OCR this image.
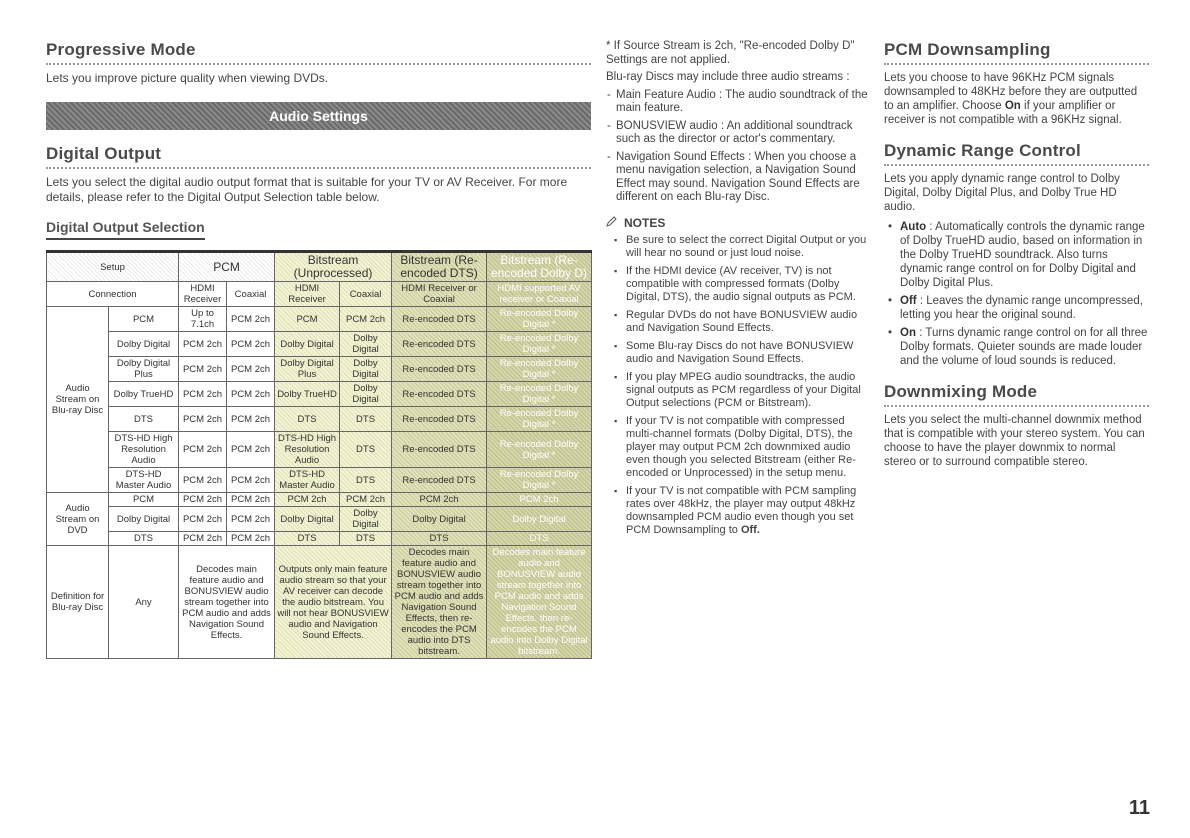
Progressive Mode

Lets you improve picture quality when viewing DVDs.

Audio Settings
Digital Output

Lets you select the digital audio output format that is suitable for your TV or AV Receiver. For more details, please refer to the Digital Output Selection table below.

Digital Output Selection
Setup		PCM		Bitstream (Unprocessed)		Bitstream (Re-encoded DTS)	Bitstream (Re-encoded Dolby D)
Connection		HDMI Receiver	Coaxial	HDMI Receiver	Coaxial	HDMI Receiver or Coaxial	HDMI supported AV receiver or Coaxial
Audio Stream on Blu-ray Disc	PCM	Up to 7.1ch	PCM 2ch	PCM	PCM 2ch	Re-encoded DTS	Re-encoded Dolby Digital *
	Dolby Digital	PCM 2ch	PCM 2ch	Dolby Digital	Dolby Digital	Re-encoded DTS	Re-encoded Dolby Digital *
	Dolby Digital Plus	PCM 2ch	PCM 2ch	Dolby Digital Plus	Dolby Digital	Re-encoded DTS	Re-encoded Dolby Digital *
	Dolby TrueHD	PCM 2ch	PCM 2ch	Dolby TrueHD	Dolby Digital	Re-encoded DTS	Re-encoded Dolby Digital *
	DTS	PCM 2ch	PCM 2ch	DTS	DTS	Re-encoded DTS	Re-encoded Dolby Digital *
	DTS-HD High Resolution Audio	PCM 2ch	PCM 2ch	DTS-HD High Resolution Audio	DTS	Re-encoded DTS	Re-encoded Dolby Digital *
	DTS-HD Master Audio	PCM 2ch	PCM 2ch	DTS-HD Master Audio	DTS	Re-encoded DTS	Re-encoded Dolby Digital *
Audio Stream on DVD	PCM	PCM 2ch	PCM 2ch	PCM 2ch	PCM 2ch	PCM 2ch	PCM 2ch
	Dolby Digital	PCM 2ch	PCM 2ch	Dolby Digital	Dolby Digital	Dolby Digital	Dolby Digital
	DTS	PCM 2ch	PCM 2ch	DTS	DTS	DTS	DTS
Definition for Blu-ray Disc	Any	Decodes main feature audio and BONUSVIEW audio stream together into PCM audio and adds Navigation Sound Effects.		Outputs only main feature audio stream so that your AV receiver can decode the audio bitstream. You will not hear BONUSVIEW audio and Navigation Sound Effects.		Decodes main feature audio and BONUSVIEW audio stream together into PCM audio and adds Navigation Sound Effects, then re-encodes the PCM audio into DTS bitstream.	Decodes main feature audio and BONUSVIEW audio stream together into PCM audio and adds Navigation Sound Effects, then re-encodes the PCM audio into Dolby Digital bitstream.

* If Source Stream is 2ch, "Re-encoded Dolby D" Settings are not applied.

Blu-ray Discs may include three audio streams :

- Main Feature Audio : The audio soundtrack of the main feature.
- BONUSVIEW audio : An additional soundtrack such as the director or actor's commentary.
- Navigation Sound Effects : When you choose a menu navigation selection, a Navigation Sound Effect may sound. Navigation Sound Effects are different on each Blu-ray Disc.
NOTES
▪ Be sure to select the correct Digital Output or you will hear no sound or just loud noise.
▪ If the HDMI device (AV receiver, TV) is not compatible with compressed formats (Dolby Digital, DTS), the audio signal outputs as PCM.
▪ Regular DVDs do not have BONUSVIEW audio and Navigation Sound Effects.
▪ Some Blu-ray Discs do not have BONUSVIEW audio and Navigation Sound Effects.
▪ If you play MPEG audio soundtracks, the audio signal outputs as PCM regardless of your Digital Output selections (PCM or Bitstream).
▪ If your TV is not compatible with compressed multi-channel formats (Dolby Digital, DTS), the player may output PCM 2ch downmixed audio even though you selected Bitstream (either Re-encoded or Unprocessed) in the setup menu.
▪ If your TV is not compatible with PCM sampling rates over 48kHz, the player may output 48kHz downsampled PCM audio even though you set PCM Downsampling to Off.
PCM Downsampling

Lets you choose to have 96KHz PCM signals downsampled to 48KHz before they are outputted to an amplifier. Choose On if your amplifier or receiver is not compatible with a 96KHz signal.

Dynamic Range Control

Lets you apply dynamic range control to Dolby Digital, Dolby Digital Plus, and Dolby True HD audio.

• Auto : Automatically controls the dynamic range of Dolby TrueHD audio, based on information in the Dolby TrueHD soundtrack. Also turns dynamic range control on for Dolby Digital and Dolby Digital Plus.
• Off : Leaves the dynamic range uncompressed, letting you hear the original sound.
• On : Turns dynamic range control on for all three Dolby formats. Quieter sounds are made louder and the volume of loud sounds is reduced.
Downmixing Mode

Lets you select the multi-channel downmix method that is compatible with your stereo system. You can choose to have the player downmix to normal stereo or to surround compatible stereo.

11
